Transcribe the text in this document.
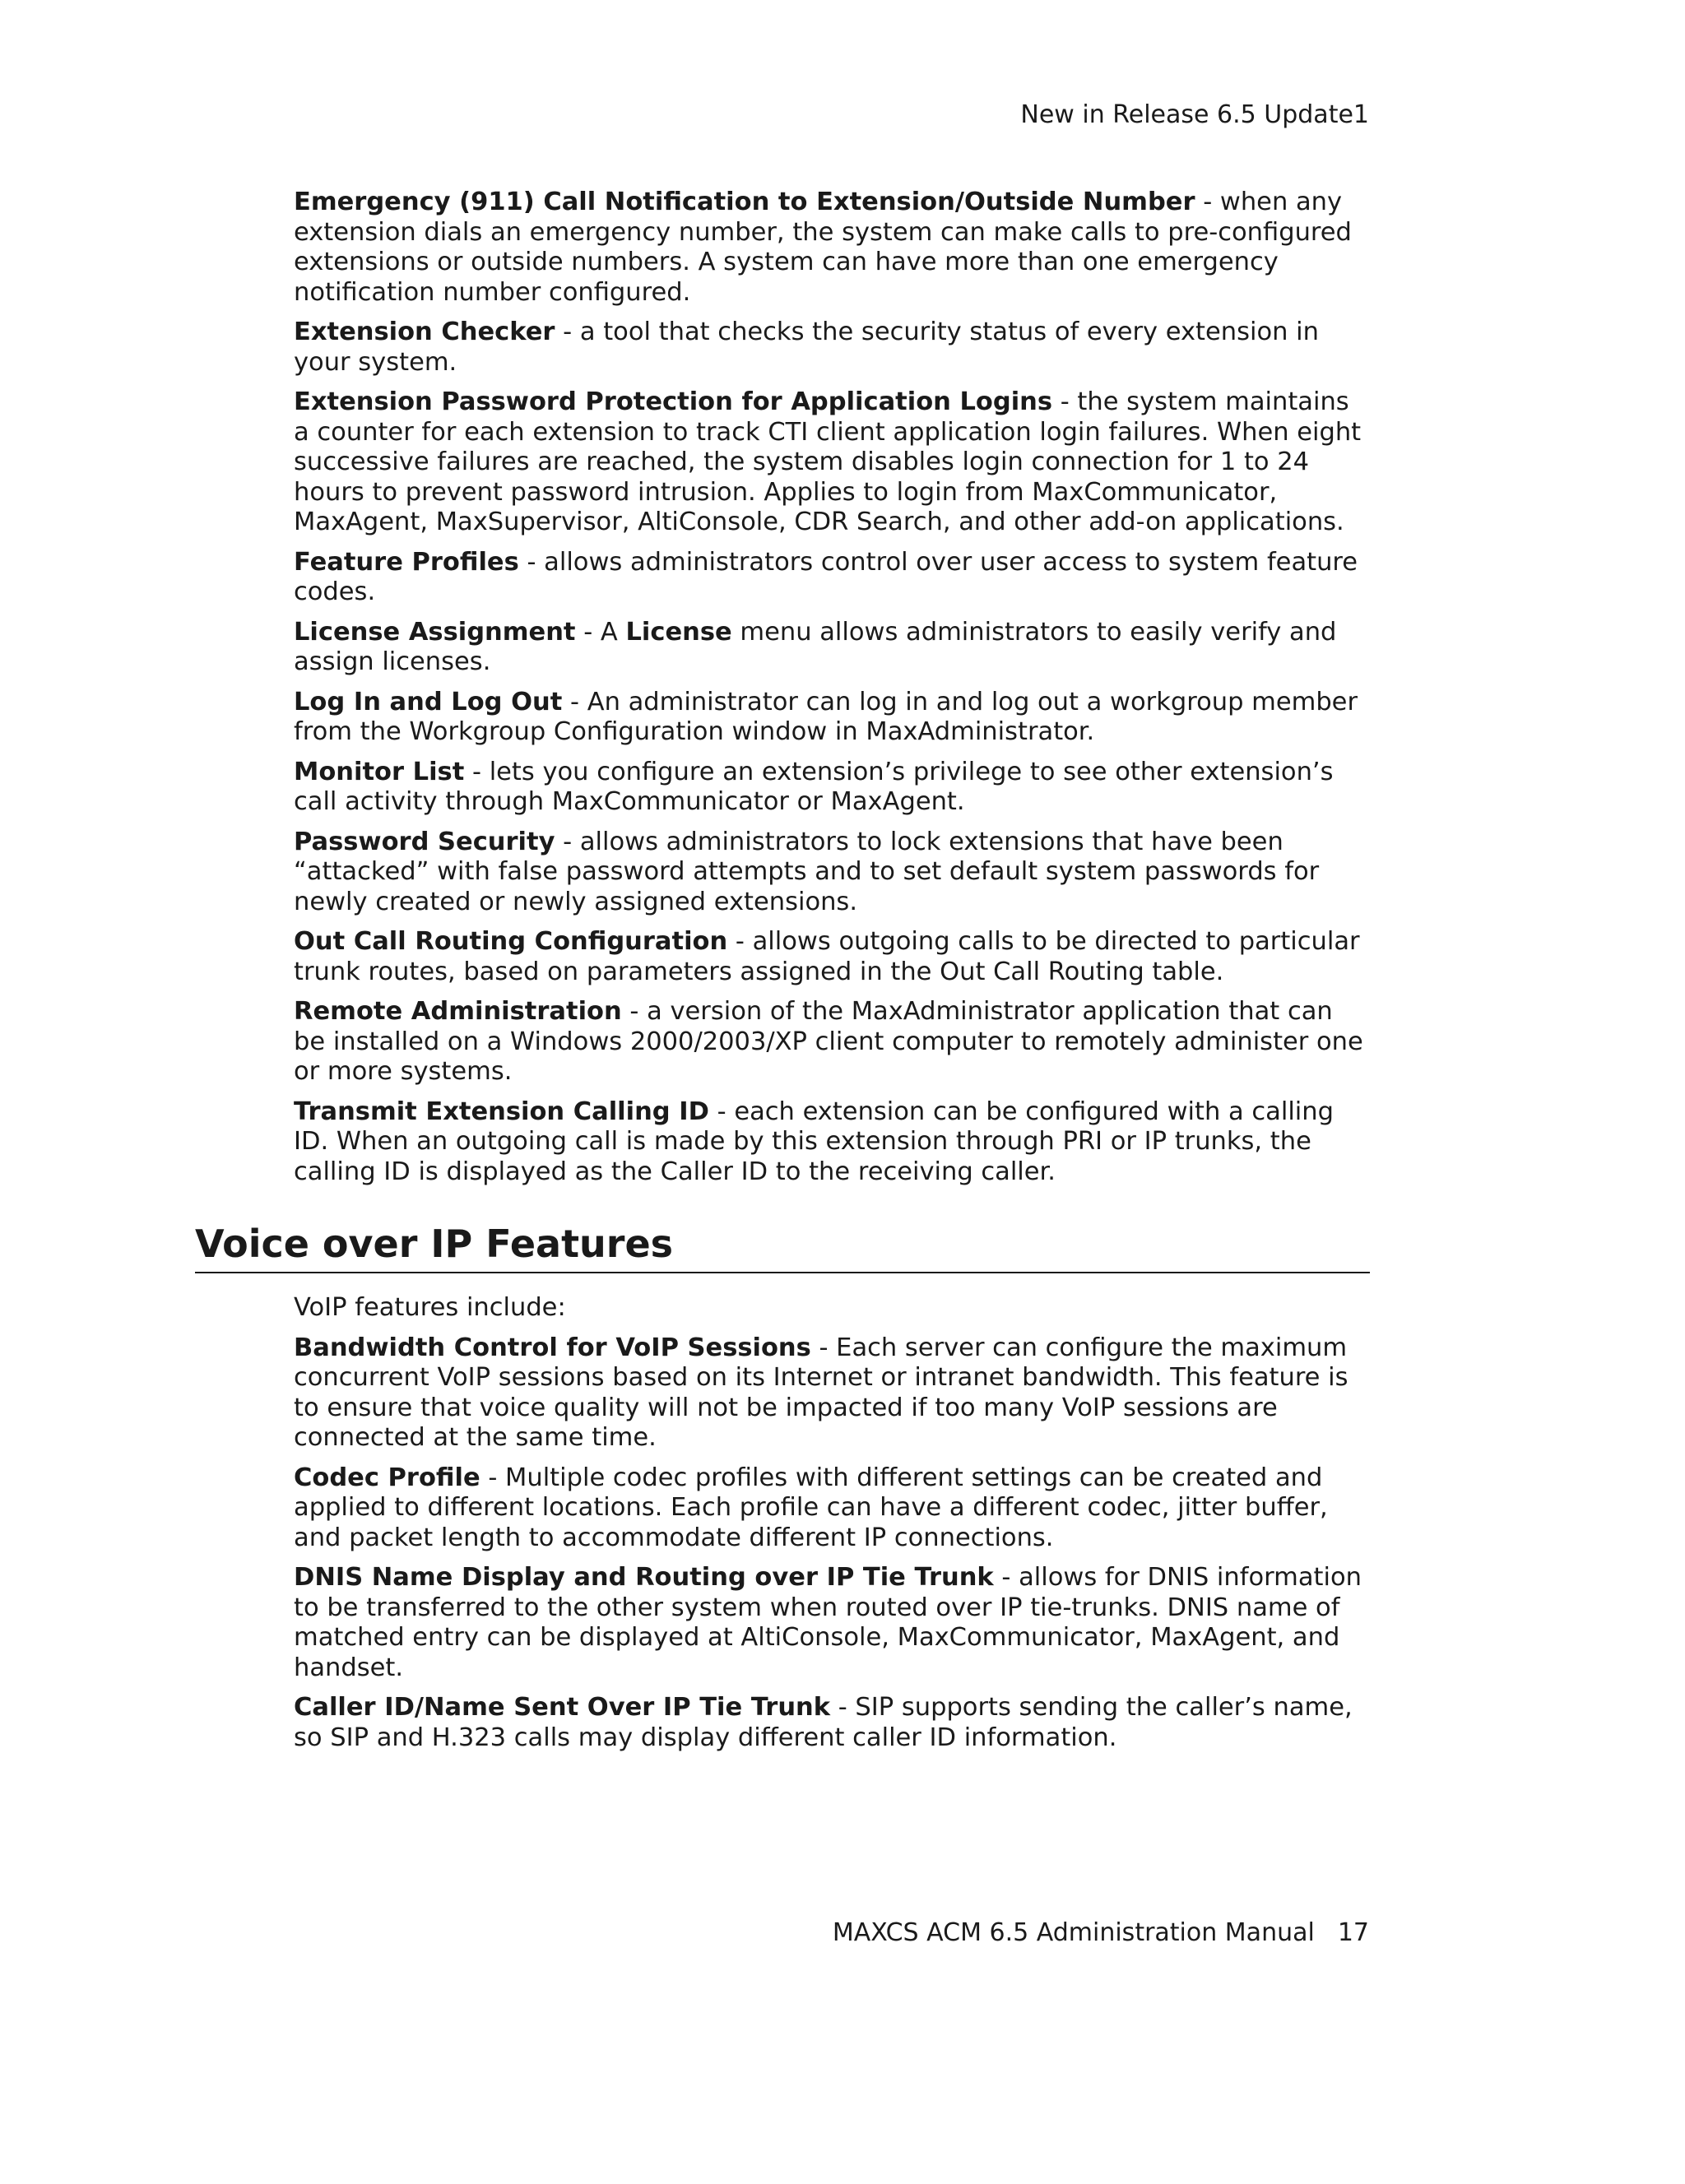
New in Release 6.5 Update1

Emergency (911) Call Notification to Extension/Outside Number - when any extension dials an emergency number, the system can make calls to pre-configured extensions or outside numbers. A system can have more than one emergency notification number configured.

Extension Checker - a tool that checks the security status of every extension in your system.

Extension Password Protection for Application Logins - the system maintains a counter for each extension to track CTI client application login failures. When eight successive failures are reached, the system disables login connection for 1 to 24 hours to prevent password intrusion. Applies to login from MaxCommunicator, MaxAgent, MaxSupervisor, AltiConsole, CDR Search, and other add-on applications.

Feature Profiles - allows administrators control over user access to system feature codes.

License Assignment - A License menu allows administrators to easily verify and assign licenses.

Log In and Log Out - An administrator can log in and log out a workgroup member from the Workgroup Configuration window in MaxAdministrator.

Monitor List - lets you configure an extension’s privilege to see other extension’s call activity through MaxCommunicator or MaxAgent.

Password Security - allows administrators to lock extensions that have been “attacked” with false password attempts and to set default system passwords for newly created or newly assigned extensions.

Out Call Routing Configuration - allows outgoing calls to be directed to particular trunk routes, based on parameters assigned in the Out Call Routing table.

Remote Administration - a version of the MaxAdministrator application that can be installed on a Windows 2000/2003/XP client computer to remotely administer one or more systems.

Transmit Extension Calling ID - each extension can be configured with a calling ID. When an outgoing call is made by this extension through PRI or IP trunks, the calling ID is displayed as the Caller ID to the receiving caller.

Voice over IP Features

VoIP features include:

Bandwidth Control for VoIP Sessions - Each server can configure the maximum concurrent VoIP sessions based on its Internet or intranet bandwidth. This feature is to ensure that voice quality will not be impacted if too many VoIP sessions are connected at the same time.

Codec Profile - Multiple codec profiles with different settings can be created and applied to different locations. Each profile can have a different codec, jitter buffer, and packet length to accommodate different IP connections.

DNIS Name Display and Routing over IP Tie Trunk - allows for DNIS information to be transferred to the other system when routed over IP tie-trunks. DNIS name of matched entry can be displayed at AltiConsole, MaxCommunicator, MaxAgent, and handset.

Caller ID/Name Sent Over IP Tie Trunk - SIP supports sending the caller’s name, so SIP and H.323 calls may display different caller ID information.

MAXCS ACM 6.5 Administration Manual 17
